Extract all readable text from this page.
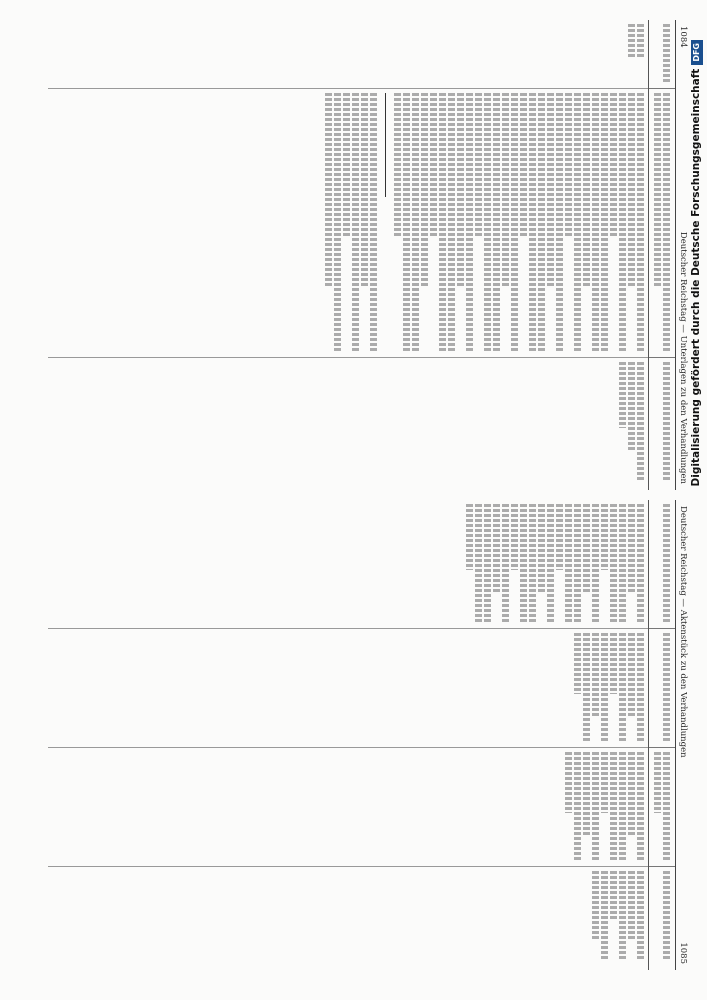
1084
Deutscher Reichstag — Unterlagen zu den Verhandlungen
Deutscher Reichstag — Aktenstück zu den Verhandlungen
1085
Digitalisierung gefördert durch die Deutsche ForschungsgemeinschaftDFG
